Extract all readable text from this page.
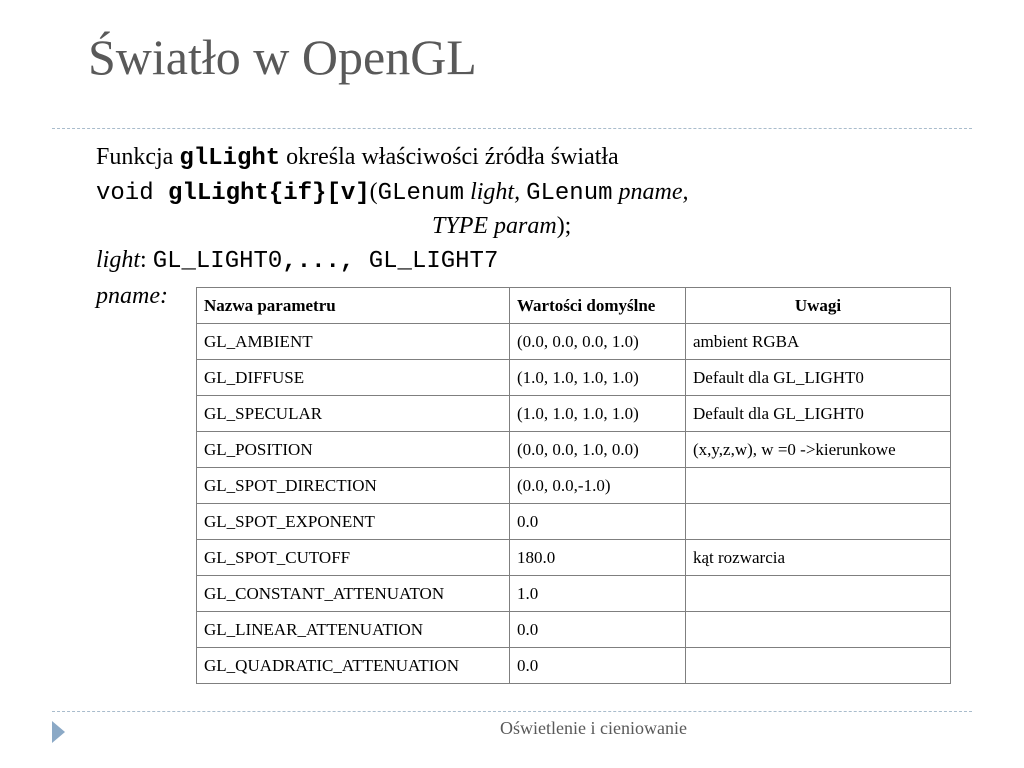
Światło w OpenGL
Funkcja glLight określa właściwości źródła światła
void glLight{if}[v](GLenum light, GLenum pname,
TYPE param);
light: GL_LIGHT0,..., GL_LIGHT7
pname: Nazwa parametru	Wartości domyślne	Uwagi
GL_AMBIENT	(0.0, 0.0, 0.0, 1.0)	ambient RGBA
GL_DIFFUSE	(1.0, 1.0, 1.0, 1.0)	Default dla GL_LIGHT0
GL_SPECULAR	(1.0, 1.0, 1.0, 1.0)	Default dla GL_LIGHT0
GL_POSITION	(0.0, 0.0, 1.0, 0.0)	(x,y,z,w), w =0 ->kierunkowe
GL_SPOT_DIRECTION	(0.0, 0.0,-1.0)	
GL_SPOT_EXPONENT	0.0	
GL_SPOT_CUTOFF	180.0	kąt rozwarcia
GL_CONSTANT_ATTENUATON	1.0	
GL_LINEAR_ATTENUATION	0.0	
GL_QUADRATIC_ATTENUATION	0.0	
Oświetlenie i cieniowanie
